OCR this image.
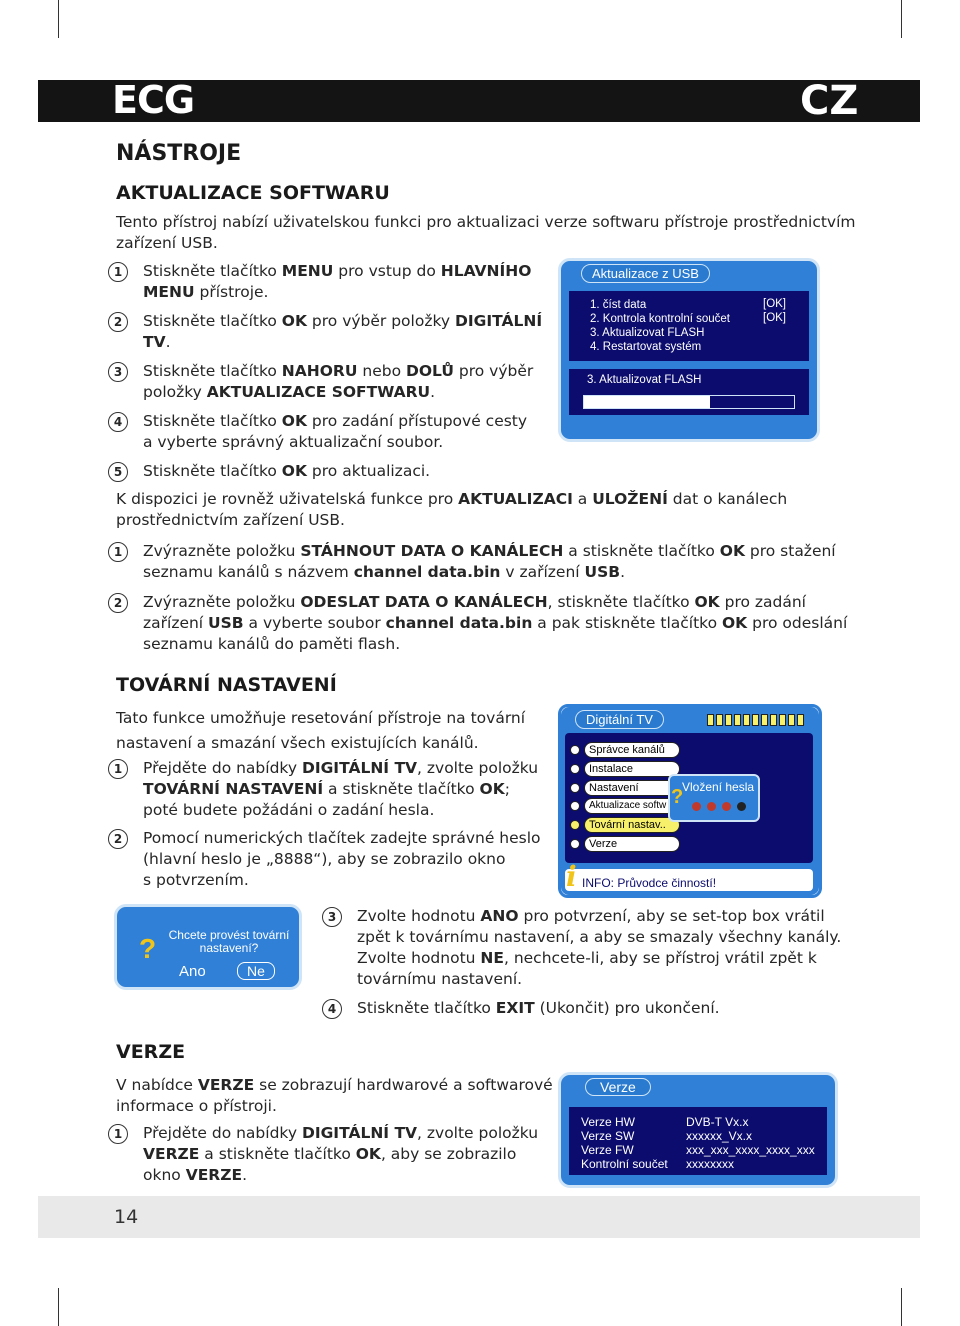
ECG	CZ
NÁSTROJE
AKTUALIZACE SOFTWARU
Tento přístroj nabízí uživatelskou funkci pro aktualizaci verze softwaru přístroje prostřednictvím
zařízení USB.
1	Stiskněte tlačítko MENU pro vstup do HLAVNÍHO
MENU přístroje.
2	Stiskněte tlačítko OK pro výběr položky DIGITÁLNÍ
TV.
3	Stiskněte tlačítko NAHORU nebo DOLŮ pro výběr
položky AKTUALIZACE SOFTWARU.
4	Stiskněte tlačítko OK pro zadání přístupové cesty
a vyberte správný aktualizační soubor.
5	Stiskněte tlačítko OK pro aktualizaci.
K dispozici je rovněž uživatelská funkce pro AKTUALIZACI a ULOŽENÍ dat o kanálech
prostřednictvím zařízení USB.
1	Zvýrazněte položku STÁHNOUT DATA O KANÁLECH a stiskněte tlačítko OK pro stažení
seznamu kanálů s názvem channel data.bin v zařízení USB.
2	Zvýrazněte položku ODESLAT DATA O KANÁLECH, stiskněte tlačítko OK pro zadání
zařízení USB a vyberte soubor channel data.bin a pak stiskněte tlačítko OK pro odeslání
seznamu kanálů do paměti flash.
Aktualizace z USB
1. číst data
2. Kontrola kontrolní součet
3. Aktualizovat FLASH
4. Restartovat systém
[OK]
[OK]
3. Aktualizovat FLASH
TOVÁRNÍ NASTAVENÍ
Tato funkce umožňuje resetování přístroje na tovární
nastavení a smazání všech existujících kanálů.
1	Přejděte do nabídky DIGITÁLNÍ TV, zvolte položku
TOVÁRNÍ NASTAVENÍ a stiskněte tlačítko OK;
poté budete požádáni o zadání hesla.
2	Pomocí numerických tlačítek zadejte správné heslo
(hlavní heslo je „8888“), aby se zobrazilo okno
s potvrzením.
Digitální TV
Správce kanálů
Instalace
Nastavení
Aktualizace softw
Tovární nastav..
Verze
Vložení hesla
?
i INFO: Průvodce činností!
?	Chcete provést tovární
nastavení?
Ano	Ne
3	Zvolte hodnotu ANO pro potvrzení, aby se set-top box vrátil
zpět k továrnímu nastavení, a aby se smazaly všechny kanály.
Zvolte hodnotu NE, nechcete-li, aby se přístroj vrátil zpět k
továrnímu nastavení.
4	Stiskněte tlačítko EXIT (Ukončit) pro ukončení.
VERZE
V nabídce VERZE se zobrazují hardwarové a softwarové
informace o přístroji.
1	Přejděte do nabídky DIGITÁLNÍ TV, zvolte položku
VERZE a stiskněte tlačítko OK, aby se zobrazilo
okno VERZE.
Verze
Verze HW	DVB-T Vx.x
Verze SW	xxxxxx_Vx.x
Verze FW	xxx_xxx_xxxx_xxxx_xxx
Kontrolní součet xxxxxxxx
14
